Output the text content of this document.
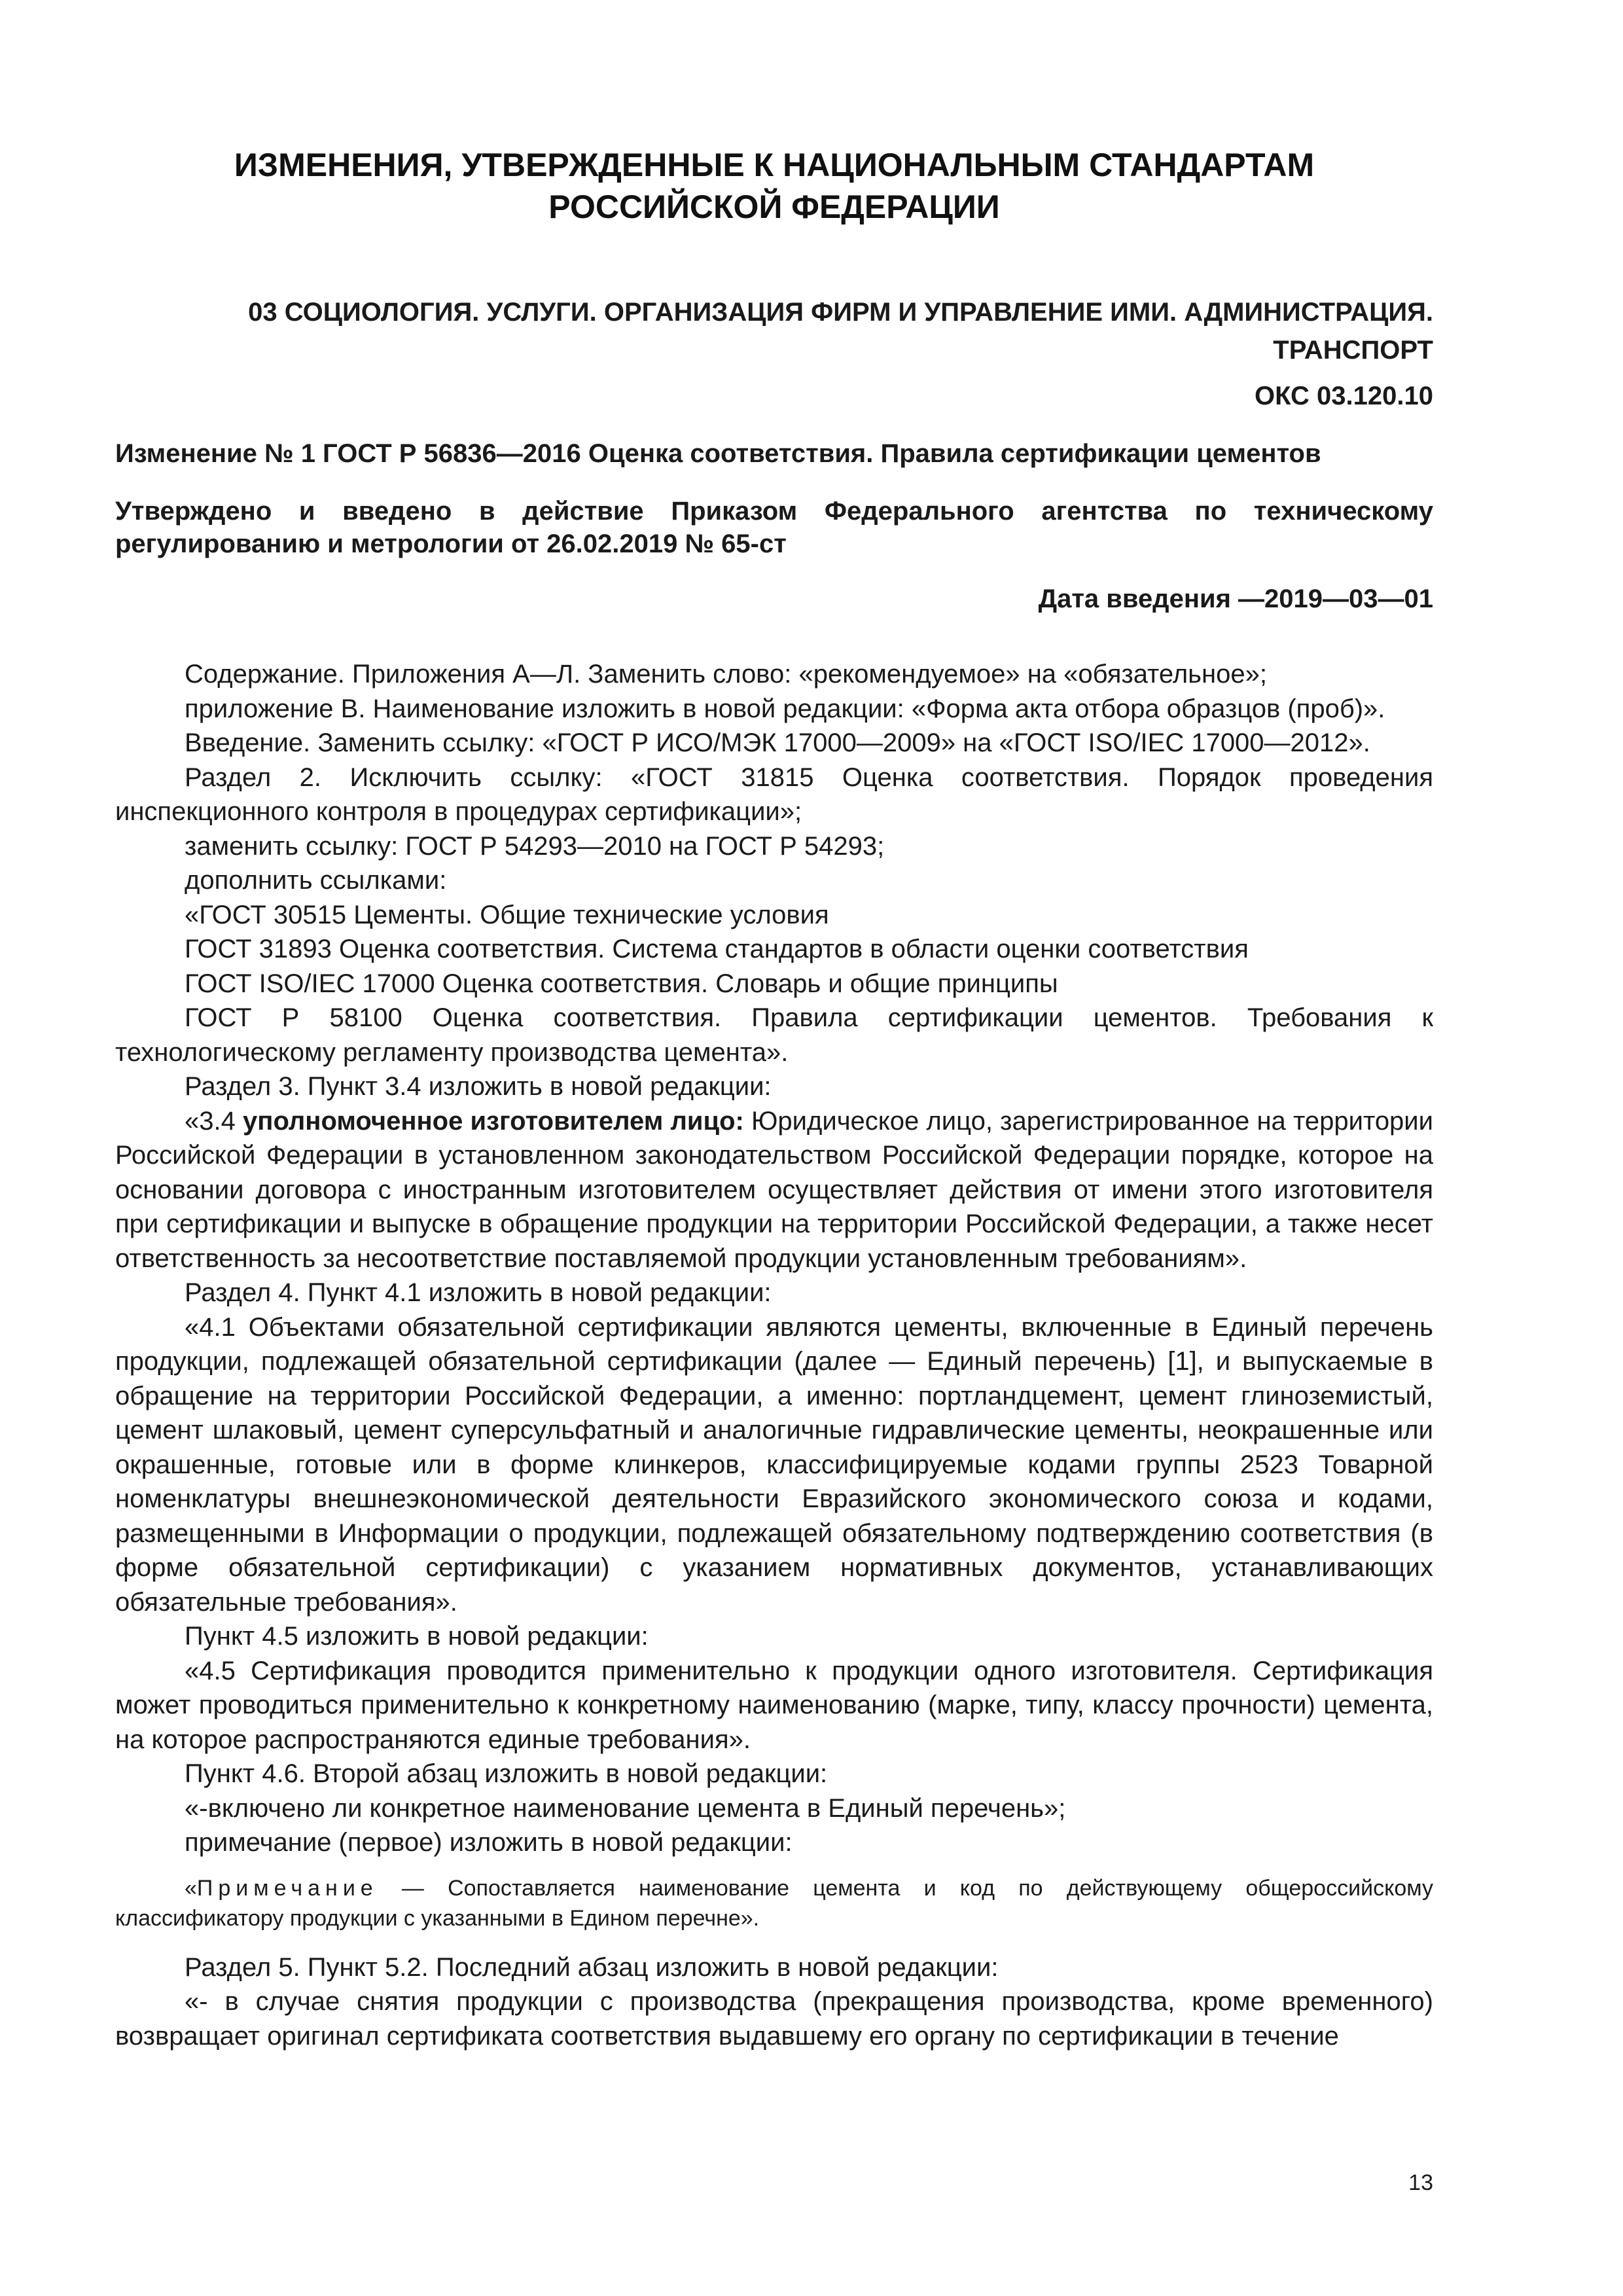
ИЗМЕНЕНИЯ, УТВЕРЖДЕННЫЕ К НАЦИОНАЛЬНЫМ СТАНДАРТАМ
РОССИЙСКОЙ ФЕДЕРАЦИИ
03 СОЦИОЛОГИЯ. УСЛУГИ. ОРГАНИЗАЦИЯ ФИРМ И УПРАВЛЕНИЕ ИМИ. АДМИНИСТРАЦИЯ.
ТРАНСПОРТ
ОКС 03.120.10
Изменение № 1 ГОСТ Р 56836—2016 Оценка соответствия. Правила сертификации цементов
Утверждено и введено в действие Приказом Федерального агентства по техническому регулированию и метрологии от 26.02.2019 № 65-ст
Дата введения —2019—03—01

Содержание. Приложения А—Л. Заменить слово: «рекомендуемое» на «обязательное»;

приложение В. Наименование изложить в новой редакции: «Форма акта отбора образцов (проб)».

Введение. Заменить ссылку: «ГОСТ Р ИСО/МЭК 17000—2009» на «ГОСТ ISO/IEC 17000—2012».

Раздел 2. Исключить ссылку: «ГОСТ 31815 Оценка соответствия. Порядок проведения инспекционного контроля в процедурах сертификации»;

заменить ссылку: ГОСТ Р 54293—2010 на ГОСТ Р 54293;

дополнить ссылками:

«ГОСТ 30515 Цементы. Общие технические условия

ГОСТ 31893 Оценка соответствия. Система стандартов в области оценки соответствия

ГОСТ ISO/IEC 17000 Оценка соответствия. Словарь и общие принципы

ГОСТ Р 58100 Оценка соответствия. Правила сертификации цементов. Требования к технологическому регламенту производства цемента».

Раздел 3. Пункт 3.4 изложить в новой редакции:

«3.4 уполномоченное изготовителем лицо: Юридическое лицо, зарегистрированное на территории Российской Федерации в установленном законодательством Российской Федерации порядке, которое на основании договора с иностранным изготовителем осуществляет действия от имени этого изготовителя при сертификации и выпуске в обращение продукции на территории Российской Федерации, а также несет ответственность за несоответствие поставляемой продукции установленным требованиям».

Раздел 4. Пункт 4.1 изложить в новой редакции:

«4.1 Объектами обязательной сертификации являются цементы, включенные в Единый перечень продукции, подлежащей обязательной сертификации (далее — Единый перечень) [1], и выпускаемые в обращение на территории Российской Федерации, а именно: портландцемент, цемент глиноземистый, цемент шлаковый, цемент суперсульфатный и аналогичные гидравлические цементы, неокрашенные или окрашенные, готовые или в форме клинкеров, классифицируемые кодами группы 2523 Товарной номенклатуры внешнеэкономической деятельности Евразийского экономического союза и кодами, размещенными в Информации о продукции, подлежащей обязательному подтверждению соответствия (в форме обязательной сертификации) с указанием нормативных документов, устанавливающих обязательные требования».

Пункт 4.5 изложить в новой редакции:

«4.5 Сертификация проводится применительно к продукции одного изготовителя. Сертификация может проводиться применительно к конкретному наименованию (марке, типу, классу прочности) цемента, на которое распространяются единые требования».

Пункт 4.6. Второй абзац изложить в новой редакции:

«-включено ли конкретное наименование цемента в Единый перечень»;

примечание (первое) изложить в новой редакции:

«Примечание — Сопоставляется наименование цемента и код по действующему общероссийскому классификатору продукции с указанными в Едином перечне».

Раздел 5. Пункт 5.2. Последний абзац изложить в новой редакции:

«- в случае снятия продукции с производства (прекращения производства, кроме временного) возвращает оригинал сертификата соответствия выдавшему его органу по сертификации в течение

13
